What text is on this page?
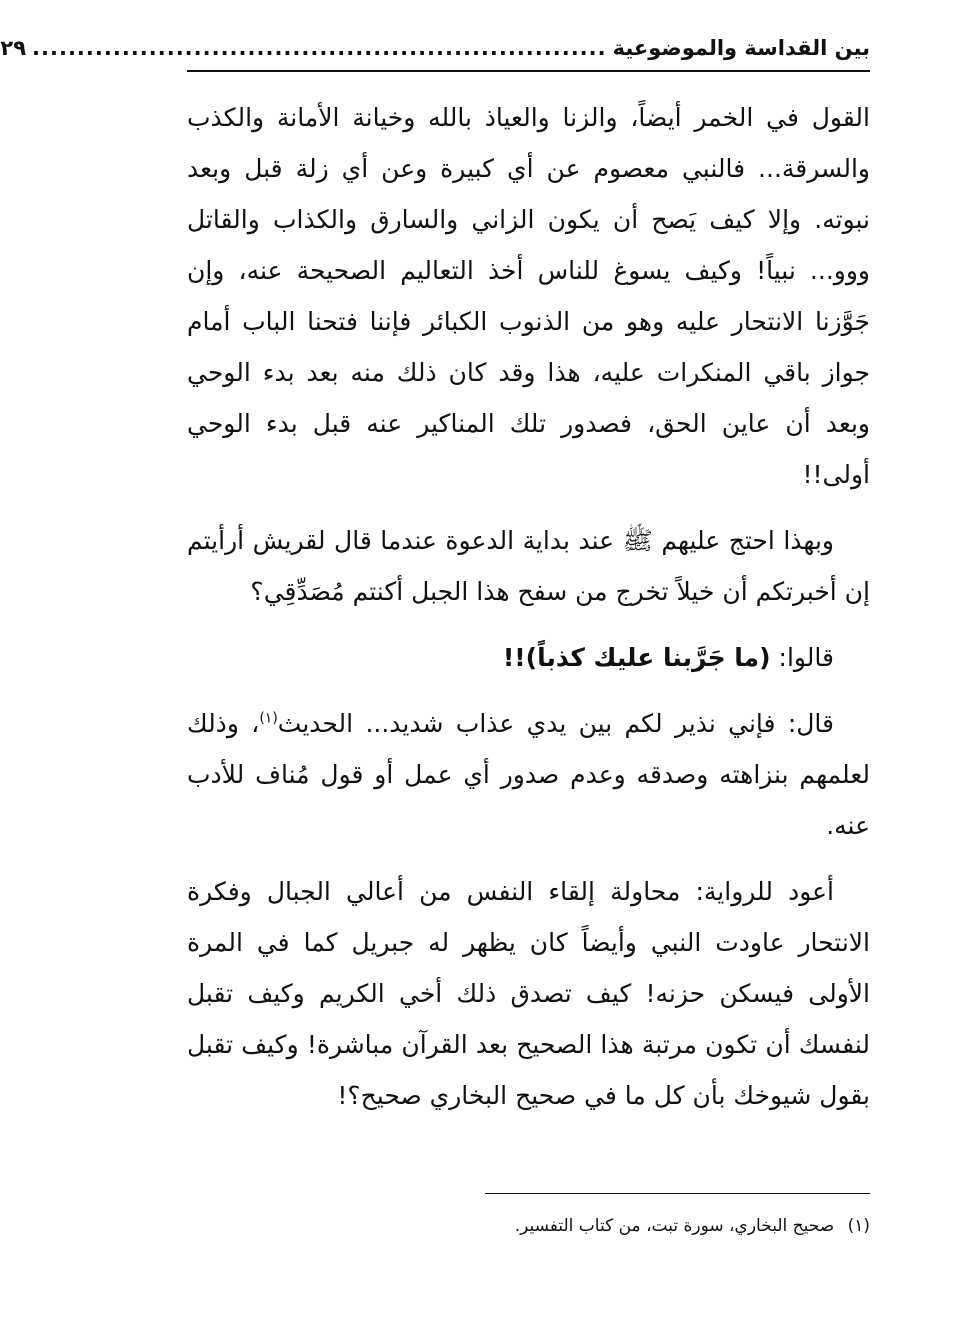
بين القداسة والموضوعية
................................................................
٢٩

القول في الخمر أيضاً، والزنا والعياذ بالله وخيانة الأمانة والكذب والسرقة... فالنبي معصوم عن أي كبيرة وعن أي زلة قبل وبعد نبوته. وإلا كيف يَصح أن يكون الزاني والسارق والكذاب والقاتل ووو... نبياً! وكيف يسوغ للناس أخذ التعاليم الصحيحة عنه، وإن جَوَّزنا الانتحار عليه وهو من الذنوب الكبائر فإننا فتحنا الباب أمام جواز باقي المنكرات عليه، هذا وقد كان ذلك منه بعد بدء الوحي وبعد أن عاين الحق، فصدور تلك المناكير عنه قبل بدء الوحي أولى!!

وبهذا احتج عليهم ﷺ عند بداية الدعوة عندما قال لقريش أرأيتم إن أخبرتكم أن خيلاً تخرج من سفح هذا الجبل أكنتم مُصَدِّقِي؟

قالوا: (ما جَرَّبنا عليك كذباً)!!

قال: فإني نذير لكم بين يدي عذاب شديد... الحديث$^{(١)}$، وذلك لعلمهم بنزاهته وصدقه وعدم صدور أي عمل أو قول مُناف للأدب عنه.

أعود للرواية: محاولة إلقاء النفس من أعالي الجبال وفكرة الانتحار عاودت النبي وأيضاً كان يظهر له جبريل كما في المرة الأولى فيسكن حزنه! كيف تصدق ذلك أخي الكريم وكيف تقبل لنفسك أن تكون مرتبة هذا الصحيح بعد القرآن مباشرة! وكيف تقبل بقول شيوخك بأن كل ما في صحيح البخاري صحيح؟!

(١) صحيح البخاري، سورة تبت، من كتاب التفسير.
